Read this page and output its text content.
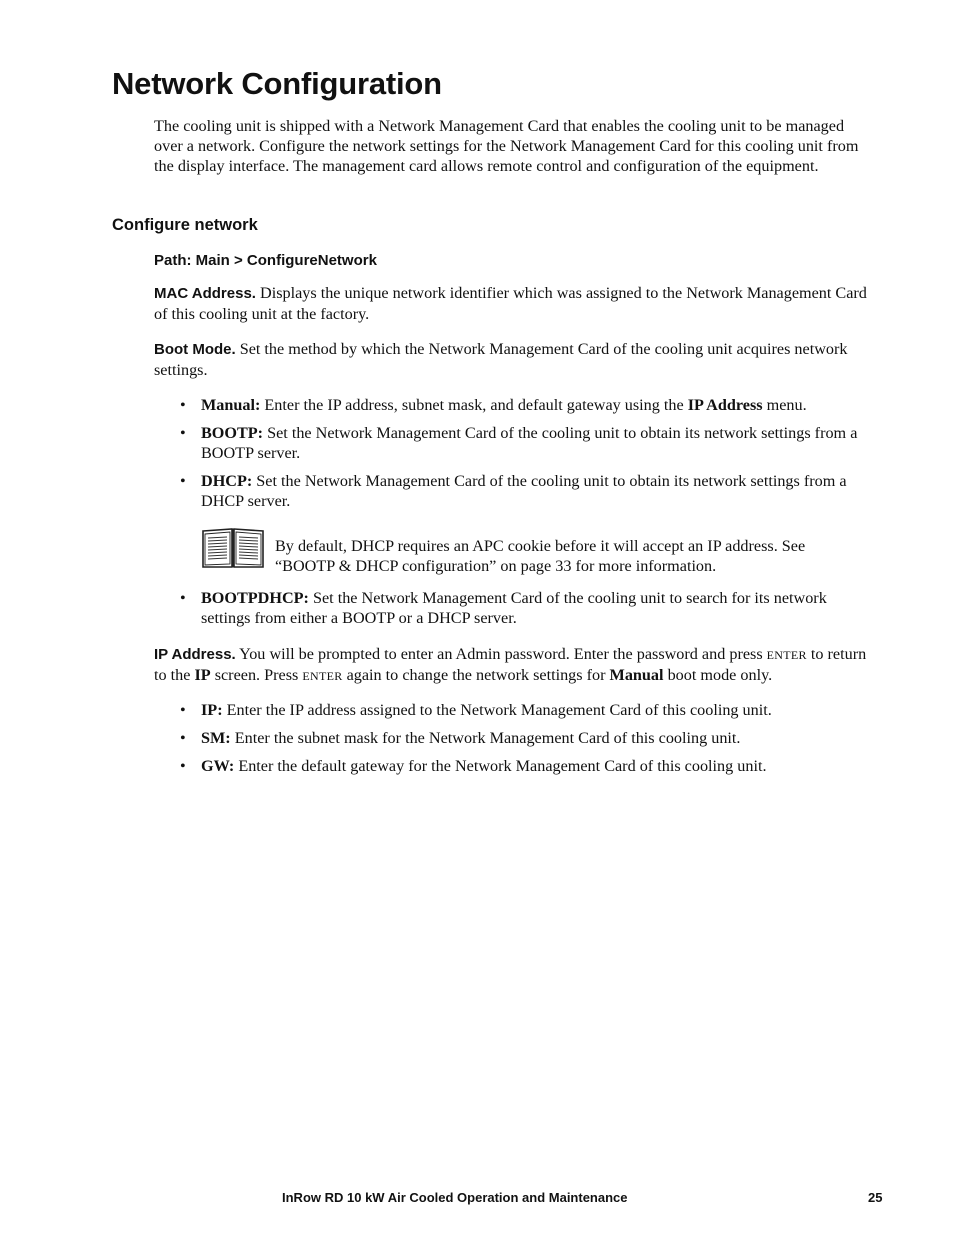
Network Configuration

The cooling unit is shipped with a Network Management Card that enables the cooling unit to be managed over a network. Configure the network settings for the Network Management Card for this cooling unit from the display interface. The management card allows remote control and configuration of the equipment.

Configure network

Path: Main > ConfigureNetwork

MAC Address. Displays the unique network identifier which was assigned to the Network Management Card of this cooling unit at the factory.

Boot Mode. Set the method by which the Network Management Card of the cooling unit acquires network settings.

• Manual: Enter the IP address, subnet mask, and default gateway using the IP Address menu.
• BOOTP: Set the Network Management Card of the cooling unit to obtain its network settings from a BOOTP server.
• DHCP: Set the Network Management Card of the cooling unit to obtain its network settings from a DHCP server.

By default, DHCP requires an APC cookie before it will accept an IP address. See “BOOTP & DHCP configuration” on page 33 for more information.

• BOOTPDHCP: Set the Network Management Card of the cooling unit to search for its network settings from either a BOOTP or a DHCP server.

IP Address. You will be prompted to enter an Admin password. Enter the password and press ENTER to return to the IP screen. Press ENTER again to change the network settings for Manual boot mode only.

• IP: Enter the IP address assigned to the Network Management Card of this cooling unit.
• SM: Enter the subnet mask for the Network Management Card of this cooling unit.
• GW: Enter the default gateway for the Network Management Card of this cooling unit.
InRow RD 10 kW Air Cooled Operation and Maintenance	25
